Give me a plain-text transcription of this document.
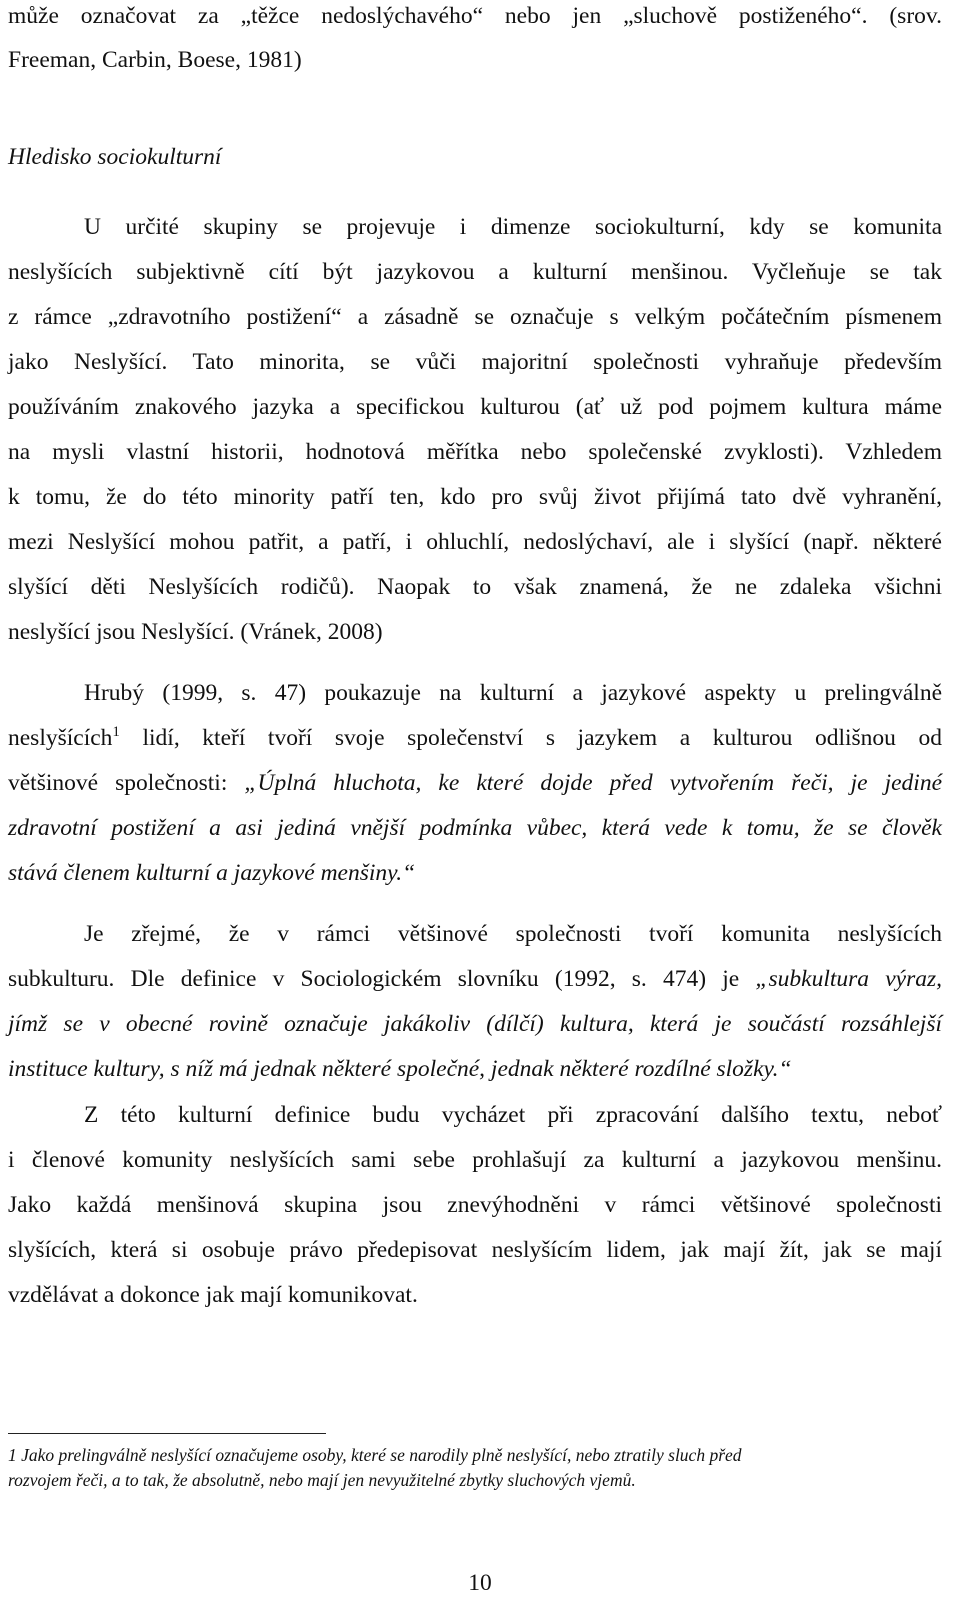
může označovat za „těžce nedoslýchavého“ nebo jen „sluchově postiženého“. (srov.
Freeman, Carbin, Boese, 1981)
Hledisko sociokulturní
U určité skupiny se projevuje i dimenze sociokulturní, kdy se komunita
neslyšících subjektivně cítí být jazykovou a kulturní menšinou. Vyčleňuje se tak
z rámce „zdravotního postižení“ a zásadně se označuje s velkým počátečním písmenem
jako Neslyšící. Tato minorita, se vůči majoritní společnosti vyhraňuje především
používáním znakového jazyka a specifickou kulturou (ať už pod pojmem kultura máme
na mysli vlastní historii, hodnotová měřítka nebo společenské zvyklosti). Vzhledem
k tomu, že do této minority patří ten, kdo pro svůj život přijímá tato dvě vyhranění,
mezi Neslyšící mohou patřit, a patří, i ohluchlí, nedoslýchaví, ale i slyšící (např. některé
slyšící děti Neslyšících rodičů). Naopak to však znamená, že ne zdaleka všichni
neslyšící jsou Neslyšící. (Vránek, 2008)
Hrubý (1999, s. 47) poukazuje na kulturní a jazykové aspekty u prelingválně
neslyšících$^1$ lidí, kteří tvoří svoje společenství s jazykem a kulturou odlišnou od
většinové společnosti: „Úplná hluchota, ke které dojde před vytvořením řeči, je jediné
zdravotní postižení a asi jediná vnější podmínka vůbec, která vede k tomu, že se člověk
stává členem kulturní a jazykové menšiny.“
Je zřejmé, že v rámci většinové společnosti tvoří komunita neslyšících
subkulturu. Dle definice v Sociologickém slovníku (1992, s. 474) je „subkultura výraz,
jímž se v obecné rovině označuje jakákoliv (dílčí) kultura, která je součástí rozsáhlejší
instituce kultury, s níž má jednak některé společné, jednak některé rozdílné složky.“
Z této kulturní definice budu vycházet při zpracování dalšího textu, neboť
i členové komunity neslyšících sami sebe prohlašují za kulturní a jazykovou menšinu.
Jako každá menšinová skupina jsou znevýhodněni v rámci většinové společnosti
slyšících, která si osobuje právo předepisovat neslyšícím lidem, jak mají žít, jak se mají
vzdělávat a dokonce jak mají komunikovat.
1 Jako prelingválně neslyšící označujeme osoby, které se narodily plně neslyšící, nebo ztratily sluch před
rozvojem řeči, a to tak, že absolutně, nebo mají jen nevyužitelné zbytky sluchových vjemů.
10
